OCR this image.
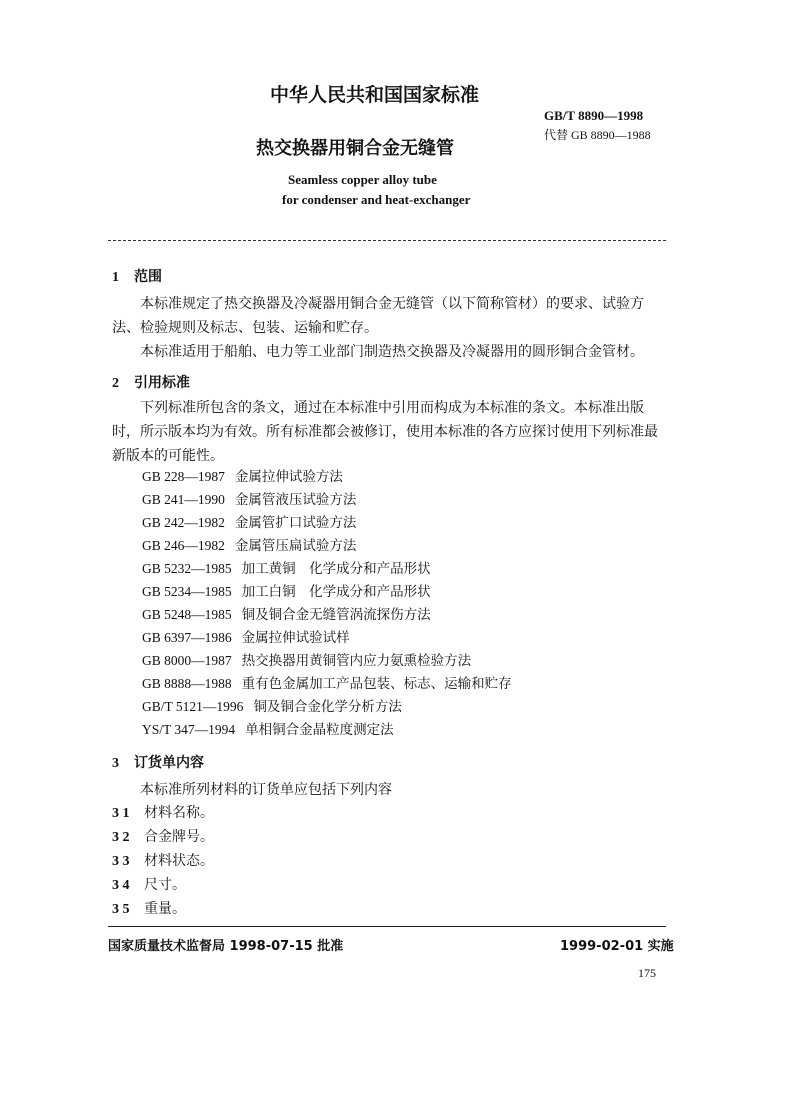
中华人民共和国国家标准
GB/T 8890—1998
代替 GB 8890—1988
热交换器用铜合金无缝管
Seamless copper alloy tube
for condenser and heat-exchanger
1 范围
本标准规定了热交换器及冷凝器用铜合金无缝管（以下简称管材）的要求、试验方法、检验规则及标志、包装、运输和贮存。
本标准适用于船舶、电力等工业部门制造热交换器及冷凝器用的圆形铜合金管材。
2 引用标准
下列标准所包含的条文，通过在本标准中引用而构成为本标准的条文。本标准出版时，所示版本均为有效。所有标准都会被修订，使用本标准的各方应探讨使用下列标准最新版本的可能性。
GB 228—1987 金属拉伸试验方法
GB 241—1990 金属管液压试验方法
GB 242—1982 金属管扩口试验方法
GB 246—1982 金属管压扁试验方法
GB 5232—1985 加工黄铜　化学成分和产品形状
GB 5234—1985 加工白铜　化学成分和产品形状
GB 5248—1985 铜及铜合金无缝管涡流探伤方法
GB 6397—1986 金属拉伸试验试样
GB 8000—1987 热交换器用黄铜管内应力氨熏检验方法
GB 8888—1988 重有色金属加工产品包装、标志、运输和贮存
GB/T 5121—1996 铜及铜合金化学分析方法
YS/T 347—1994 单相铜合金晶粒度测定法
3 订货单内容
本标准所列材料的订货单应包括下列内容
3 1 材料名称。
3 2 合金牌号。
3 3 材料状态。
3 4 尺寸。
3 5 重量。
国家质量技术监督局 1998-07-15 批准	1999-02-01 实施
175
